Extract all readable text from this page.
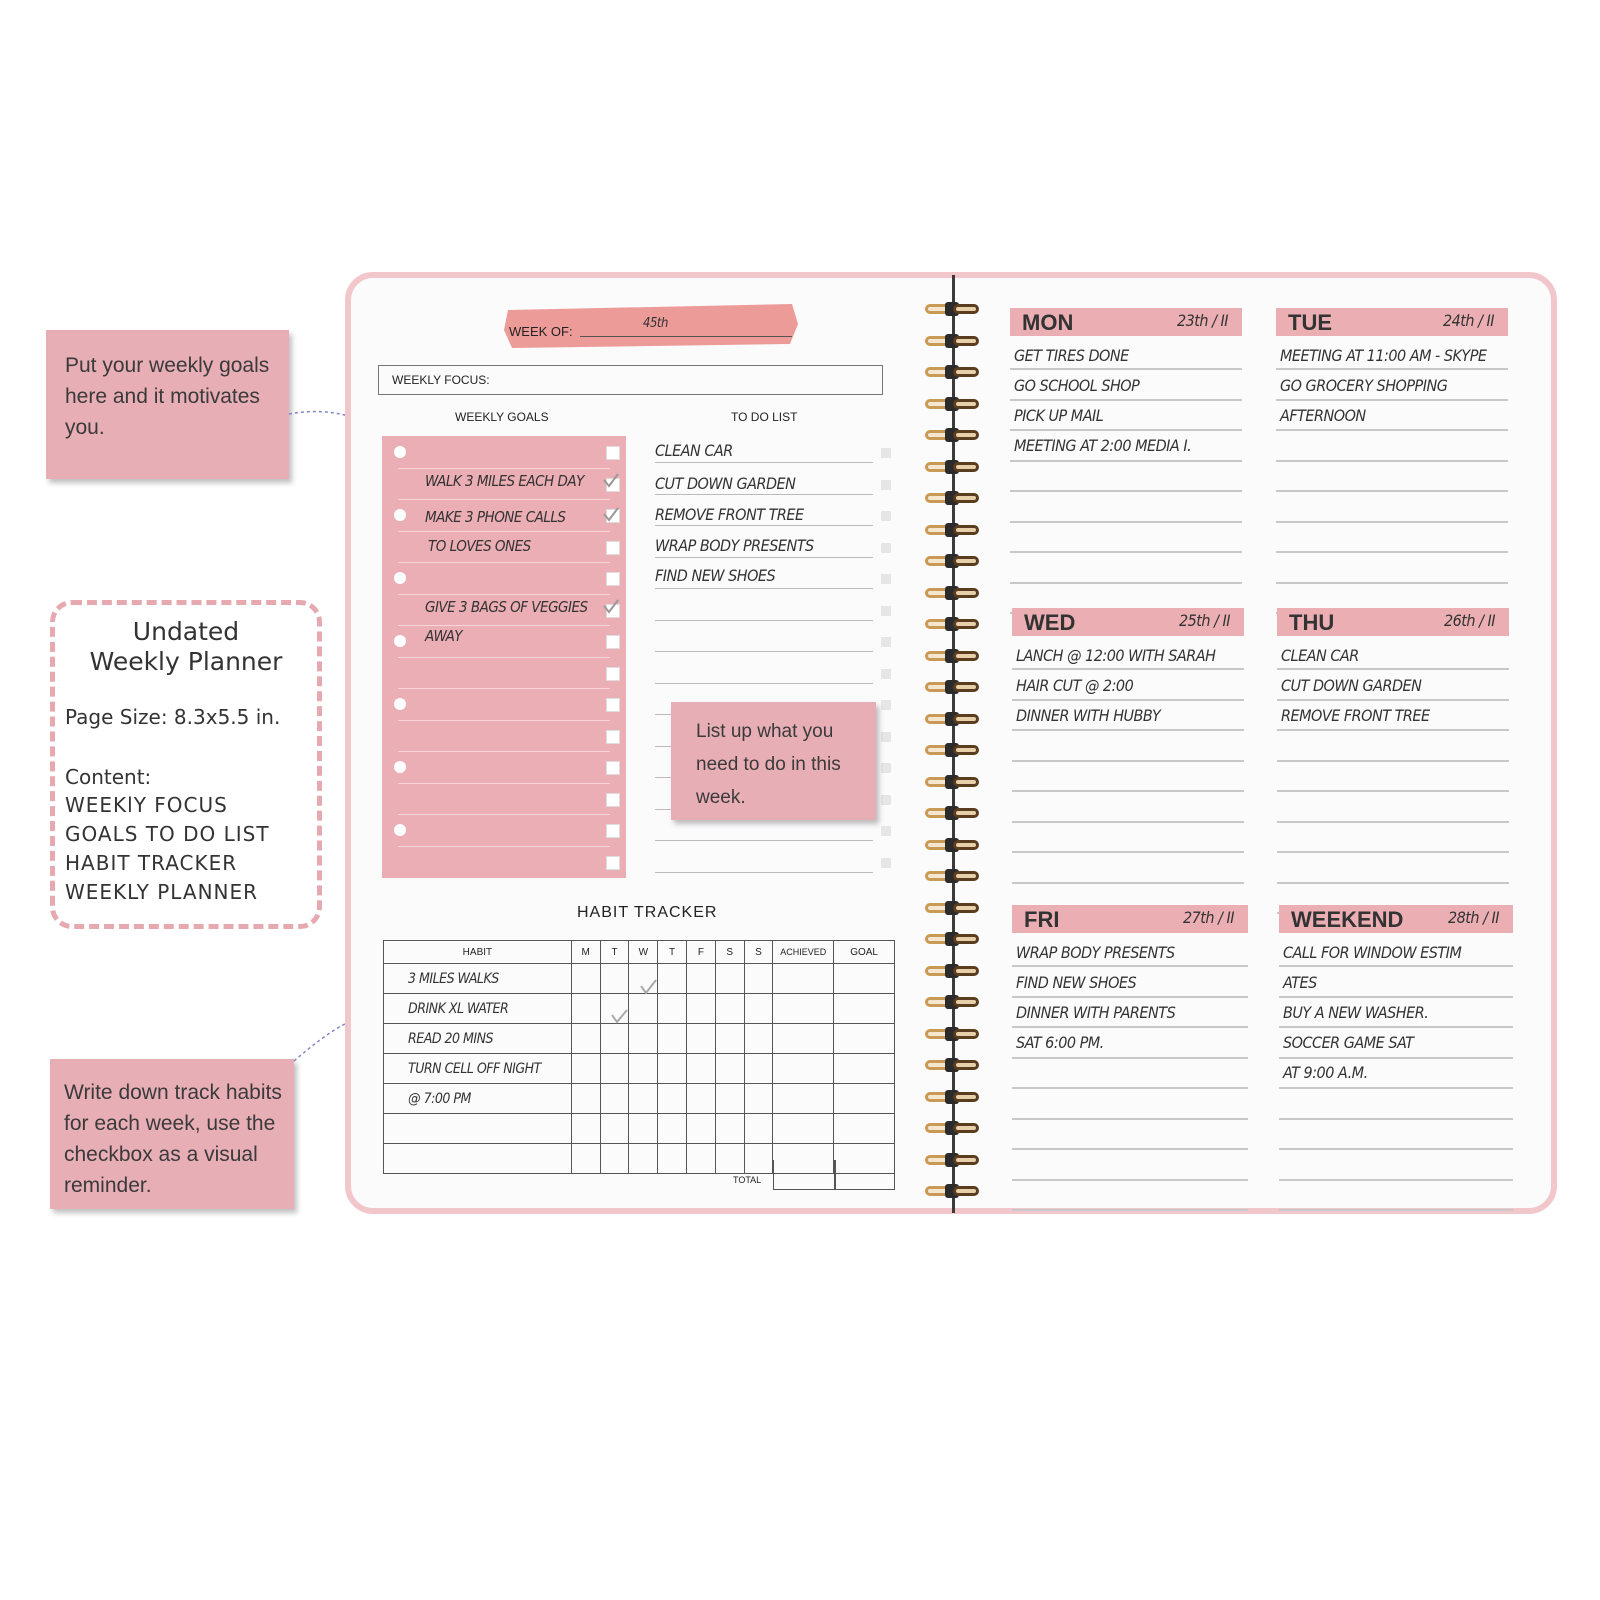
Put your weekly goals here and it motivates you.
Undated
Weekly Planner
Page Size: 8.3x5.5 in.
Content:
WEEKlY FOCUS
GOALS TO DO LIST
HABIT TRACKER
WEEKLY PLANNER
Write down track habits for each week, use the checkbox as a visual reminder.
WEEK OF:
45th
WEEKLY FOCUS:
WEEKLY GOALS	TO DO LIST
WALK 3 MILES EACH DAY
MAKE 3 PHONE CALLS
TO LOVES ONES
GIVE 3 BAGS OF VEGGIES
AWAY
CLEAN CAR
CUT DOWN GARDEN
REMOVE FRONT TREE
WRAP BODY PRESENTS
FIND NEW SHOES
List up what you need to do in this week.
HABIT TRACKER
HABIT	M	T	W	T	F	S	S	ACHIEVED	GOAL
3 MILES WALKS									
DRINK XL WATER									
READ 20 MINS									
TURN CELL OFF NIGHT									
@ 7:00 PM									

TOTAL
MON	23th / II
GET TIRES DONE
GO SCHOOL SHOP
PICK UP MAIL
MEETING AT 2:00 MEDIA I.
TUE	24th / II
MEETING AT 11:00 AM - SKYPE
GO GROCERY SHOPPING
AFTERNOON
WED	25th / II
LANCH @ 12:00 WITH SARAH
HAIR CUT @ 2:00
DINNER WITH HUBBY
THU	26th / II
CLEAN CAR
CUT DOWN GARDEN
REMOVE FRONT TREE
FRI	27th / II
WRAP BODY PRESENTS
FIND NEW SHOES
DINNER WITH PARENTS
SAT 6:00 PM.
WEEKEND	28th / II
CALL FOR WINDOW ESTIM
ATES
BUY A NEW WASHER.
SOCCER GAME SAT
AT 9:00 A.M.
